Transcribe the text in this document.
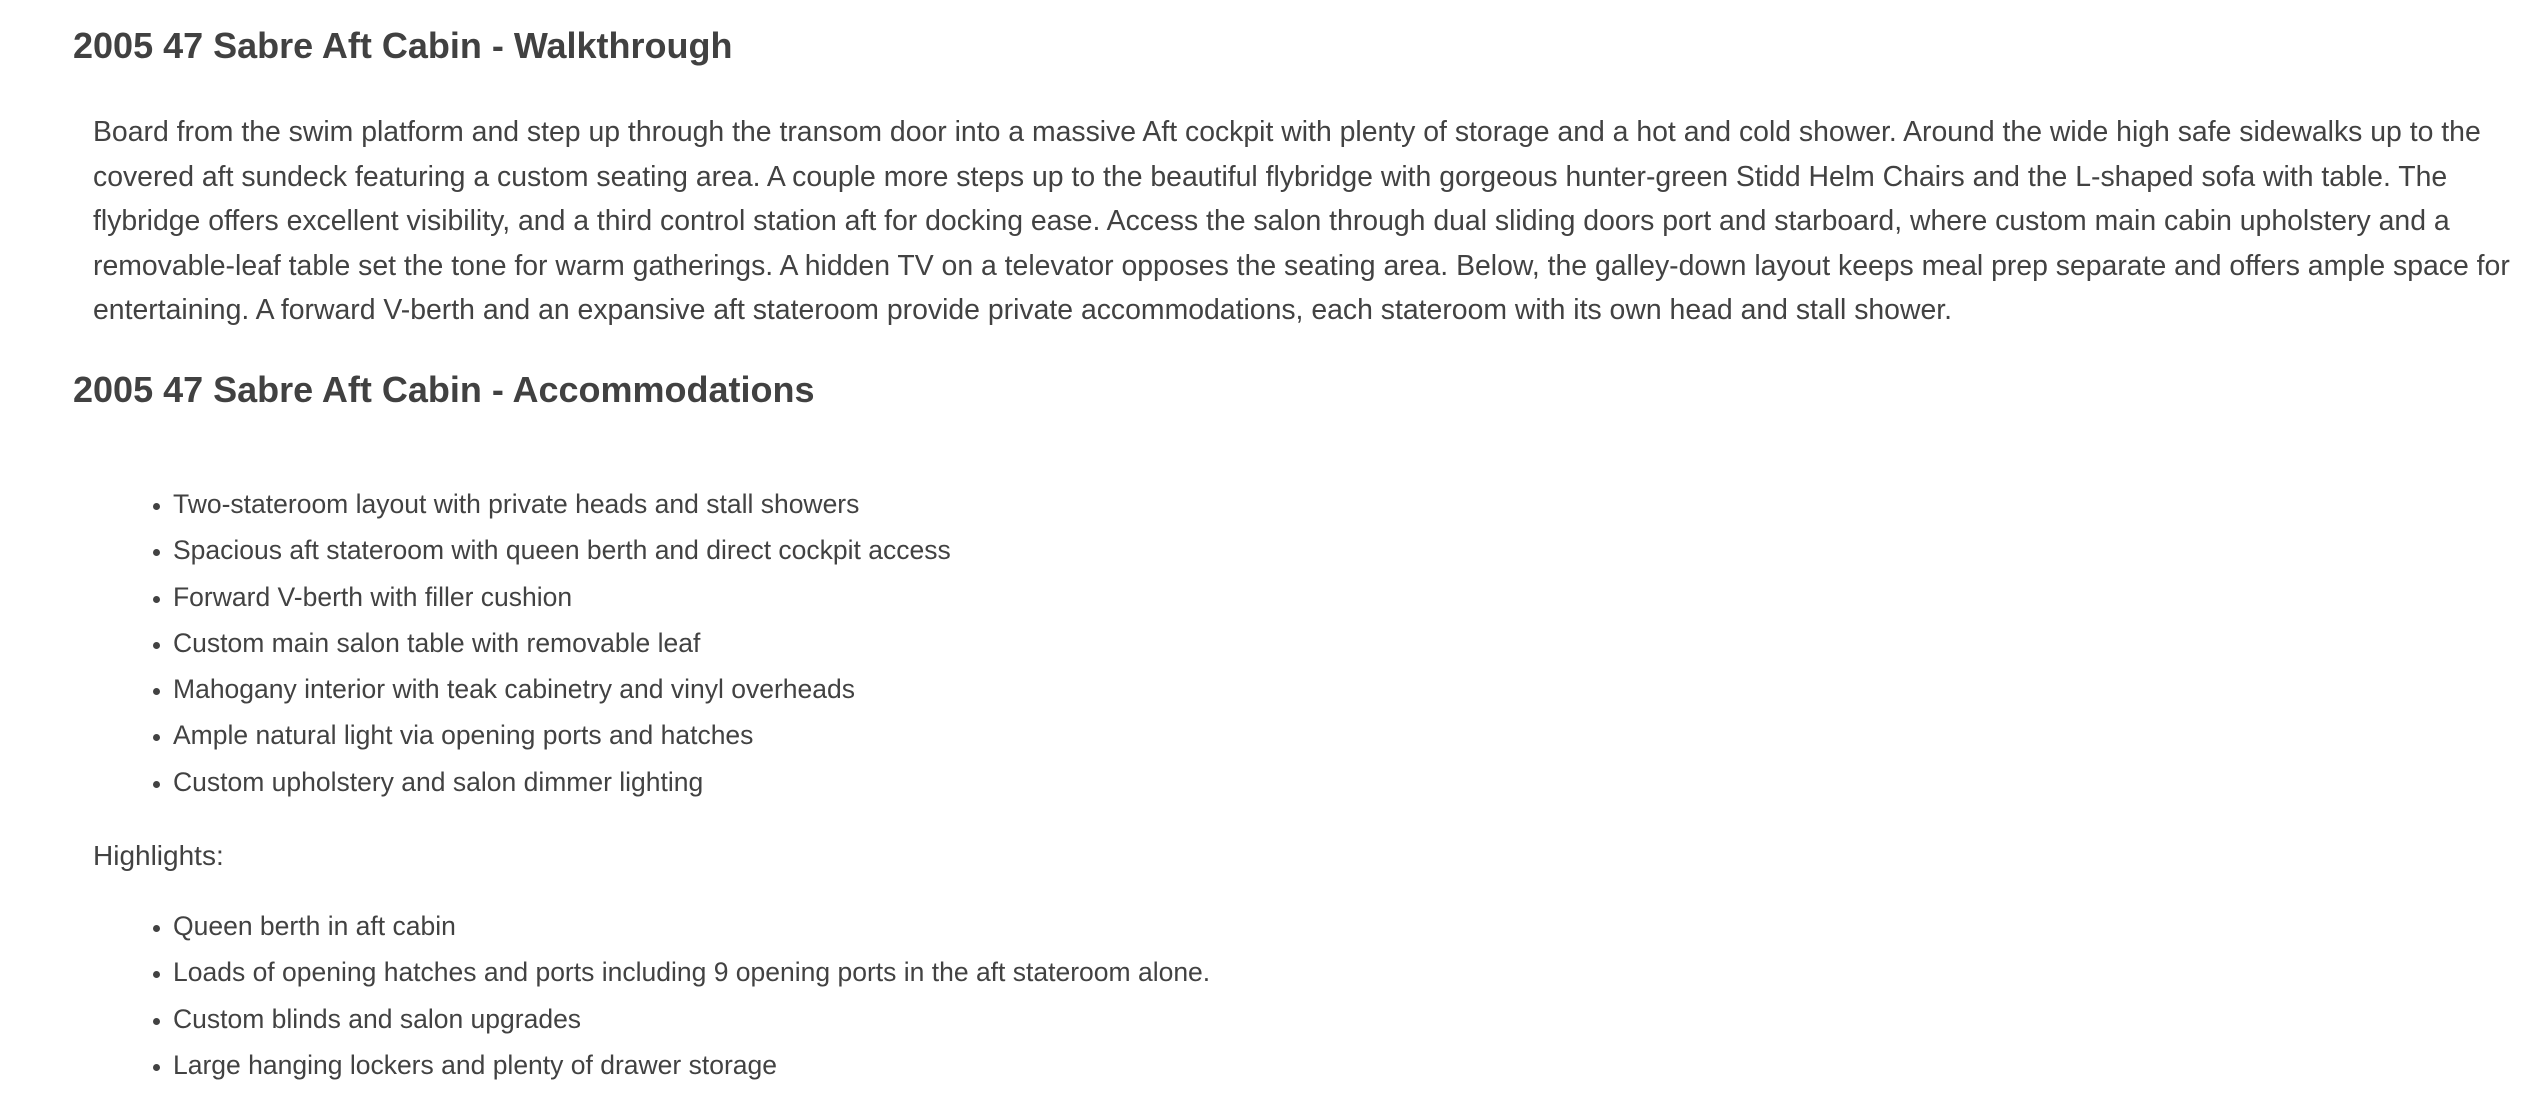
2005 47 Sabre Aft Cabin - Walkthrough

Board from the swim platform and step up through the transom door into a massive Aft cockpit with plenty of storage and a hot and cold shower. Around the wide high safe sidewalks up to the covered aft sundeck featuring a custom seating area. A couple more steps up to the beautiful flybridge with gorgeous hunter-green Stidd Helm Chairs and the L-shaped sofa with table. The flybridge offers excellent visibility, and a third control station aft for docking ease. Access the salon through dual sliding doors port and starboard, where custom main cabin upholstery and a removable-leaf table set the tone for warm gatherings. A hidden TV on a televator opposes the seating area. Below, the galley-down layout keeps meal prep separate and offers ample space for entertaining. A forward V-berth and an expansive aft stateroom provide private accommodations, each stateroom with its own head and stall shower.

2005 47 Sabre Aft Cabin - Accommodations
• Two-stateroom layout with private heads and stall showers
• Spacious aft stateroom with queen berth and direct cockpit access
• Forward V-berth with filler cushion
• Custom main salon table with removable leaf
• Mahogany interior with teak cabinetry and vinyl overheads
• Ample natural light via opening ports and hatches
• Custom upholstery and salon dimmer lighting

Highlights:

• Queen berth in aft cabin
• Loads of opening hatches and ports including 9 opening ports in the aft stateroom alone.
• Custom blinds and salon upgrades
• Large hanging lockers and plenty of drawer storage
